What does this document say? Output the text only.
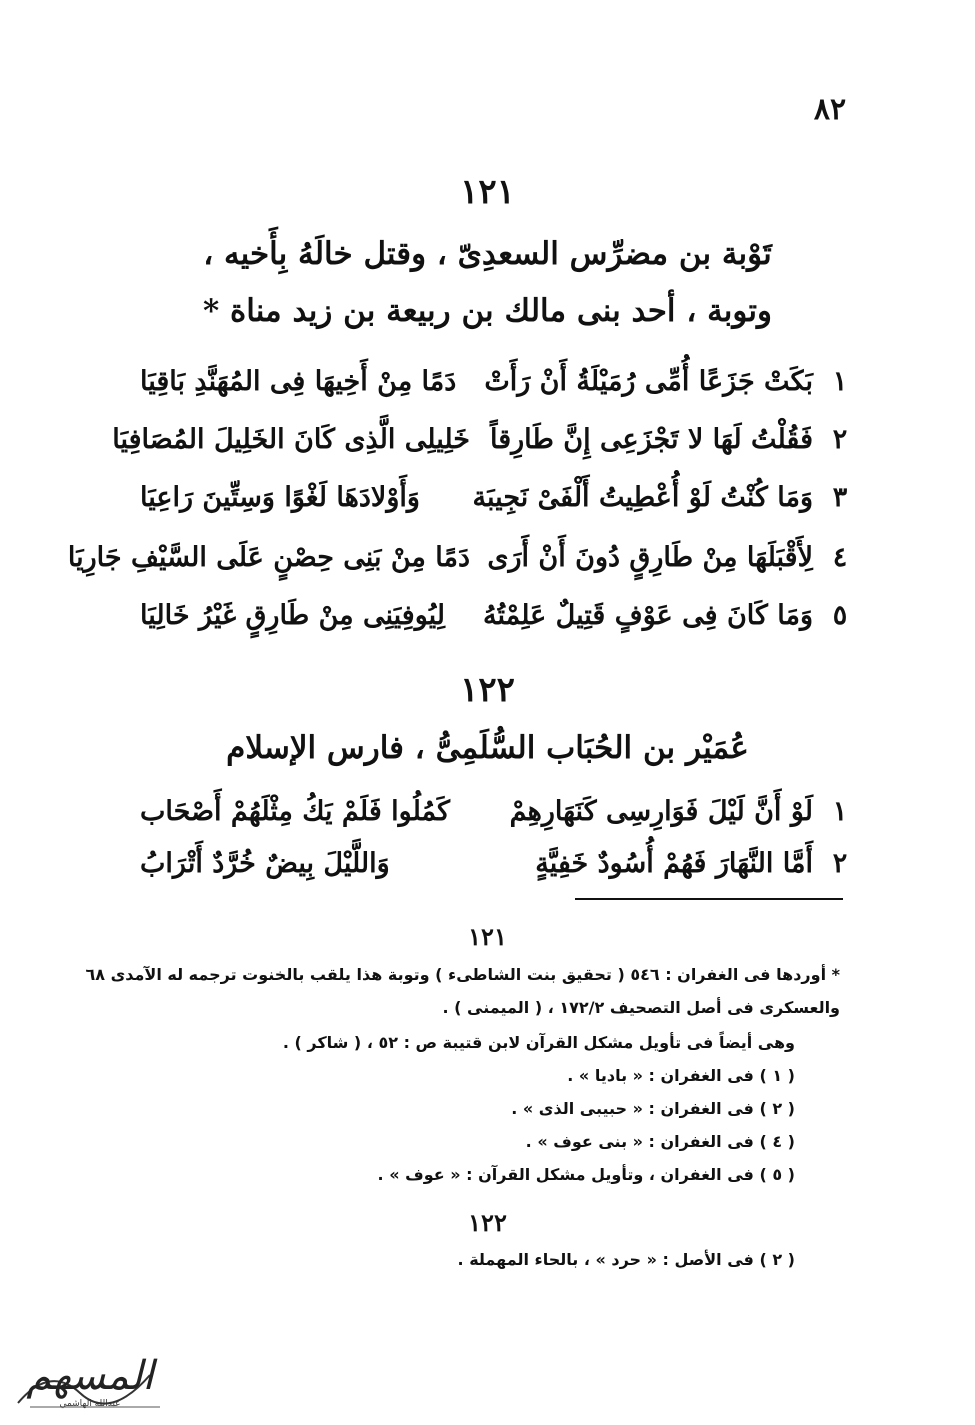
٨٢
١٢١
تَوْبة بن مضرِّس السعدِىّ ، وقتل خالَهُ بِأَخيه ،
وتوبة ، أحد بنى مالك بن ربيعة بن زيد مناة *
١
بَكَتْ جَزَعًا أُمِّى رُمَيْلَةُ أَنْ رَأَتْ
دَمًا مِنْ أَخِيهَا فِى المُهَنَّدِ بَاقِيَا
٢
فَقُلْتُ لَهَا لا تَجْزَعِى إِنَّ طَارِقاً
خَلِيلِى الَّذِى كَانَ الخَلِيلَ المُصَافِيَا
٣
وَمَا كُنْتُ لَوْ أُعْطِيتُ أَلْفَىْ نَجِيبَة
وَأَوْلادَهَا لَغْوًا وَسِتِّينَ رَاعِيَا
٤
لِأَقْبَلَهَا مِنْ طَارِقٍ دُونَ أَنْ أَرَى
دَمًا مِنْ بَنِى حِصْنٍ عَلَى السَّيْفِ جَارِيَا
٥
وَمَا كَانَ فِى عَوْفٍ قَتِيلٌ عَلِمْتُهُ
لِيُوفِيَنِى مِنْ طَارِقٍ غَيْرُ خَالِيَا
١٢٢
عُمَيْر بن الحُبَاب السُّلَمِىُّ ، فارس الإسلام
١
لَوْ أَنَّ لَيْلَ فَوَارِسِى كَنَهَارِهِمْ
كَمُلُوا فَلَمْ يَكُ مِثْلَهُمْ أَصْحَاب
٢
أَمَّا النَّهَارَ فَهُمْ أُسُودٌ خَفِيَّةٍ
وَاللَّيْلَ بِيضٌ خُرَّدٌ أَتْرَابُ
١٢١
* أوردها فى الغفران : ٥٤٦ ( تحقيق بنت الشاطىء ) وتوبة هذا يلقب بالخنوت ترجمه له الآمدى ٦٨
والعسكرى فى أصل التصحيف ١٧٢/٢ ، ( الميمنى ) .
وهى أيضاً فى تأويل مشكل القرآن لابن قتيبة ص : ٥٢ ، ( شاكر ) .
( ١ ) فى الغفران : « باديا » .
( ٢ ) فى الغفران : « حبيبى الذى » .
( ٤ ) فى الغفران : « بنى عوف » .
( ٥ ) فى الغفران ، وتأويل مشكل القرآن : « عوف » .
١٢٢
( ٢ ) فى الأصل : « حرد » ، بالحاء المهملة .
المسهم
عبدالله الهاشمي
